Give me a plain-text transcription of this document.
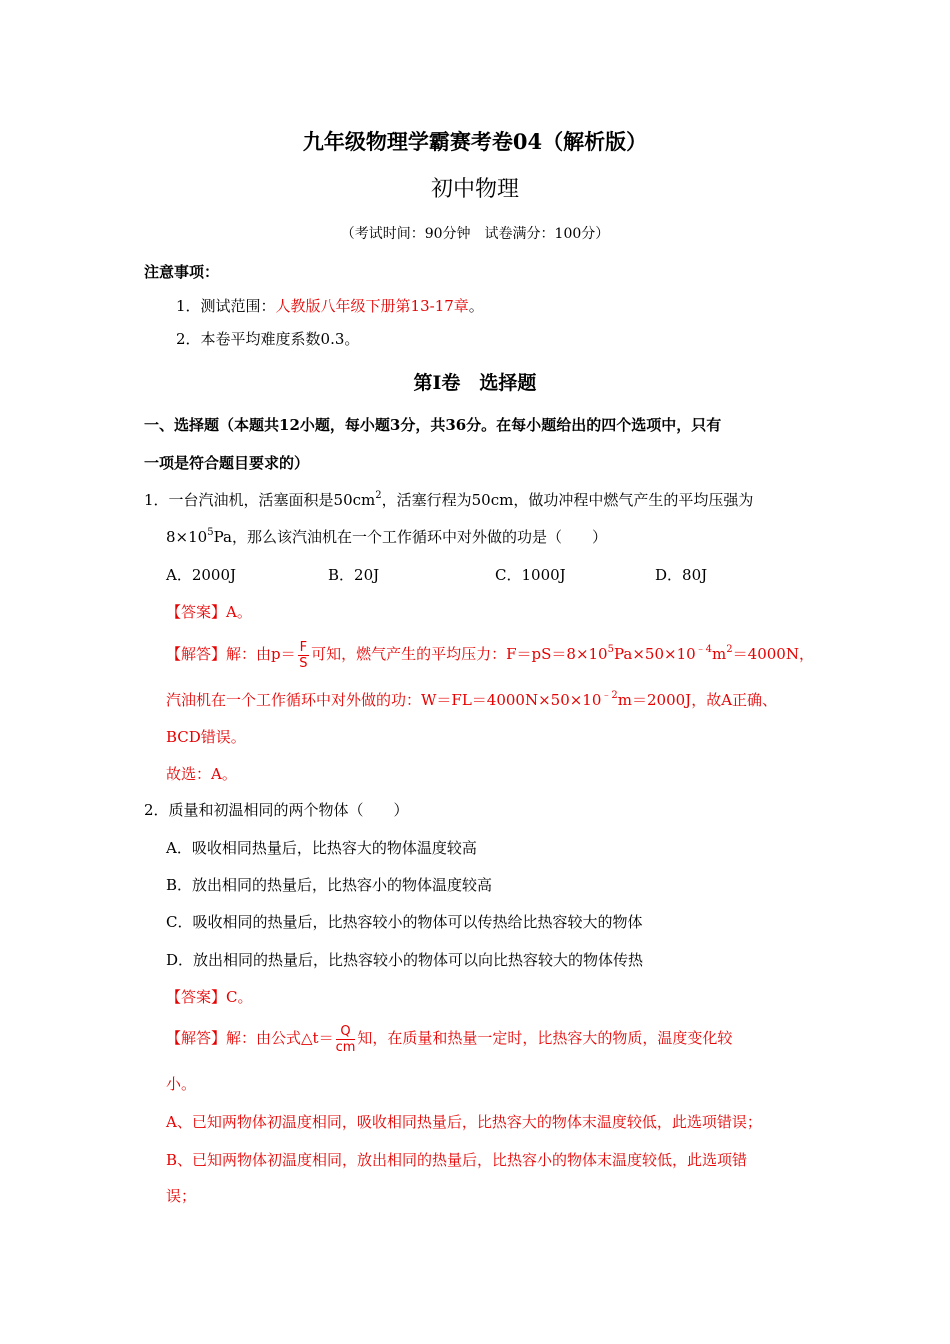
九年级物理学霸赛考卷04（解析版）
初中物理
（考试时间：90分钟　试卷满分：100分）
注意事项：
1．测试范围：人教版八年级下册第13-17章。
2．本卷平均难度系数0.3。
第Ⅰ卷　选择题
一、选择题（本题共12小题，每小题3分，共36分。在每小题给出的四个选项中，只有
一项是符合题目要求的）
1．一台汽油机，活塞面积是$50cm^2$，活塞行程为50cm，做功冲程中燃气产生的平均压强为
$8\times 10^5Pa$，那么该汽油机在一个工作循环中对外做的功是（　　）
A．2000J	B．20J	C．1000J	D．80J
【答案】A。
【解答】解：由$p= \frac{F}{S}$ 可知，燃气产生的平均压力：$F=pS=8\times 10^5Pa\times 50\times 10^{﹣4}m^2=4000N$，
汽油机在一个工作循环中对外做的功：$W=FL=4000N\times 50\times 10^{﹣2}m=2000J$，故A正确、
BCD错误。
故选：A。
2．质量和初温相同的两个物体（　　）
A．吸收相同热量后，比热容大的物体温度较高
B．放出相同的热量后，比热容小的物体温度较高
C．吸收相同的热量后，比热容较小的物体可以传热给比热容较大的物体
D．放出相同的热量后，比热容较小的物体可以向比热容较大的物体传热
【答案】C。
【解答】解：由公式△t＝ $\frac{Q}{cm}$ 知，在质量和热量一定时，比热容大的物质，温度变化较
小。
A、已知两物体初温度相同，吸收相同热量后，比热容大的物体末温度较低，此选项错误；
B、已知两物体初温度相同，放出相同的热量后，比热容小的物体末温度较低，此选项错
误；
